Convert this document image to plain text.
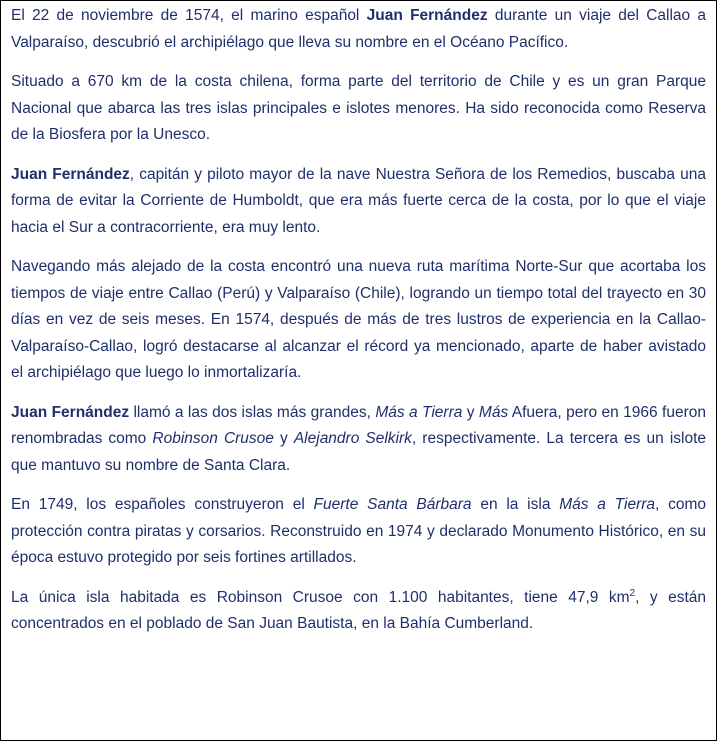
El 22 de noviembre de 1574, el marino español Juan Fernández durante un viaje del Callao a Valparaíso, descubrió el archipiélago que lleva su nombre en el Océano Pacífico.

Situado a 670 km de la costa chilena, forma parte del territorio de Chile y es un gran Parque Nacional que abarca las tres islas principales e islotes menores. Ha sido reconocida como Reserva de la Biosfera por la Unesco.

Juan Fernández, capitán y piloto mayor de la nave Nuestra Señora de los Remedios, buscaba una forma de evitar la Corriente de Humboldt, que era más fuerte cerca de la costa, por lo que el viaje hacia el Sur a contracorriente, era muy lento.

Navegando más alejado de la costa encontró una nueva ruta marítima Norte-Sur que acortaba los tiempos de viaje entre Callao (Perú) y Valparaíso (Chile), logrando un tiempo total del trayecto en 30 días en vez de seis meses. En 1574, después de más de tres lustros de experiencia en la Callao-Valparaíso-Callao, logró destacarse al alcanzar el récord ya mencionado, aparte de haber avistado el archipiélago que luego lo inmortalizaría.

Juan Fernández llamó a las dos islas más grandes, Más a Tierra y Más Afuera, pero en 1966 fueron renombradas como Robinson Crusoe y Alejandro Selkirk, respectivamente. La tercera es un islote que mantuvo su nombre de Santa Clara.

En 1749, los españoles construyeron el Fuerte Santa Bárbara en la isla Más a Tierra, como protección contra piratas y corsarios. Reconstruido en 1974 y declarado Monumento Histórico, en su época estuvo protegido por seis fortines artillados.

La única isla habitada es Robinson Crusoe con 1.100 habitantes, tiene 47,9 $km^2$, y están concentrados en el poblado de San Juan Bautista, en la Bahía Cumberland.
